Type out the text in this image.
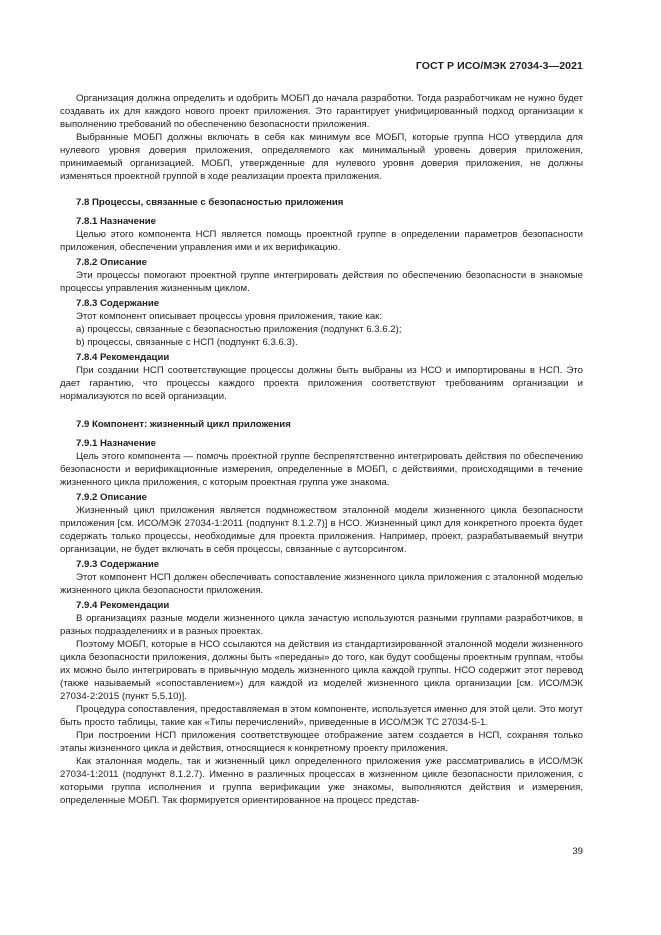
ГОСТ Р ИСО/МЭК 27034-3—2021

Организация должна определить и одобрить МОБП до начала разработки. Тогда разработчикам не нужно будет создавать их для каждого нового проект приложения. Это гарантирует унифицированный подход организации к выполнению требований по обеспечению безопасности приложения.

Выбранные МОБП должны включать в себя как минимум все МОБП, которые группа НСО утвердила для нулевого уровня доверия приложения, определяемого как минимальный уровень доверия приложения, принимаемый организацией. МОБП, утвержденные для нулевого уровня доверия приложения, не должны изменяться проектной группой в ходе реализации проекта приложения.

7.8 Процессы, связанные с безопасностью приложения
7.8.1 Назначение

Целью этого компонента НСП является помощь проектной группе в определении параметров безопасности приложения, обеспечении управления ими и их верификацию.

7.8.2 Описание

Эти процессы помогают проектной группе интегрировать действия по обеспечению безопасности в знакомые процессы управления жизненным циклом.

7.8.3 Содержание

Этот компонент описывает процессы уровня приложения, такие как:

a) процессы, связанные с безопасностью приложения (подпункт 6.3.6.2);

b) процессы, связанные с НСП (подпункт 6.3.6.3).

7.8.4 Рекомендации

При создании НСП соответствующие процессы должны быть выбраны из НСО и импортированы в НСП. Это дает гарантию, что процессы каждого проекта приложения соответствуют требованиям организации и нормализуются по всей организации.

7.9 Компонент: жизненный цикл приложения
7.9.1 Назначение

Цель этого компонента — помочь проектной группе беспрепятственно интегрировать действия по обеспечению безопасности и верификационные измерения, определенные в МОБП, с действиями, происходящими в течение жизненного цикла приложения, с которым проектная группа уже знакома.

7.9.2 Описание

Жизненный цикл приложения является подмножеством эталонной модели жизненного цикла безопасности приложения [см. ИСО/МЭК 27034-1:2011 (подпункт 8.1.2.7)] в НСО. Жизненный цикл для конкретного проекта будет содержать только процессы, необходимые для проекта приложения. Например, проект, разрабатываемый внутри организации, не будет включать в себя процессы, связанные с аутсорсингом.

7.9.3 Содержание

Этот компонент НСП должен обеспечивать сопоставление жизненного цикла приложения с эталонной моделью жизненного цикла безопасности приложения.

7.9.4 Рекомендации

В организациях разные модели жизненного цикла зачастую используются разными группами разработчиков, в разных подразделениях и в разных проектах.

Поэтому МОБП, которые в НСО ссылаются на действия из стандартизированной эталонной модели жизненного цикла безопасности приложения, должны быть «переданы» до того, как будут сообщены проектным группам, чтобы их можно было интегрировать в привычную модель жизненного цикла каждой группы. НСО содержит этот перевод (также называемый «сопоставлением») для каждой из моделей жизненного цикла организации [см. ИСО/МЭК 27034-2:2015 (пункт 5.5.10)].

Процедура сопоставления, предоставляемая в этом компоненте, используется именно для этой цели. Это могут быть просто таблицы, такие как «Типы перечислений», приведенные в ИСО/МЭК ТС 27034-5-1.

При построении НСП приложения соответствующее отображение затем создается в НСП, сохраняя только этапы жизненного цикла и действия, относящиеся к конкретному проекту приложения.

Как эталонная модель, так и жизненный цикл определенного приложения уже рассматривались в ИСО/МЭК 27034-1:2011 (подпункт 8.1.2.7). Именно в различных процессах в жизненном цикле безопасности приложения, с которыми группа исполнения и группа верификации уже знакомы, выполняются действия и измерения, определенные МОБП. Так формируется ориентированное на процесс представ-

39
